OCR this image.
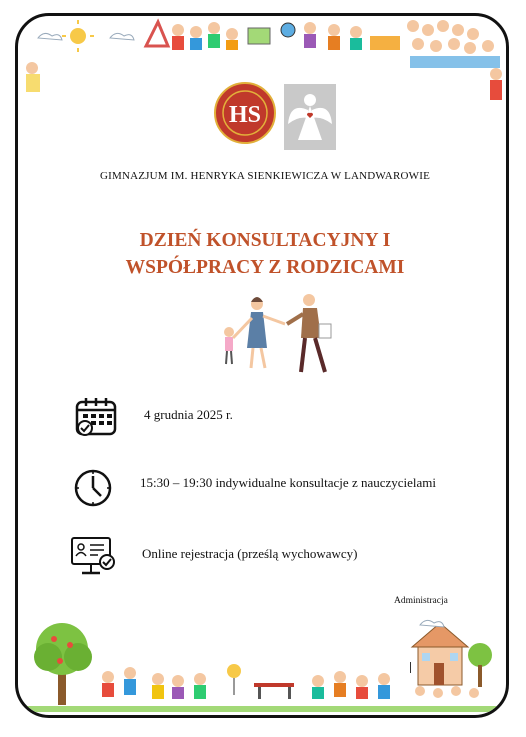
HS
GIMNAZJUM IM. HENRYKA SIENKIEWICZA W LANDWAROWIE
DZIEŃ KONSULTACYJNY I
WSPÓŁPRACY Z RODZICAMI
4 grudnia 2025 r.
15:30 – 19:30 indywidualne konsultacje z nauczycielami
Online rejestracja (prześlą wychowawcy)
Administracja
